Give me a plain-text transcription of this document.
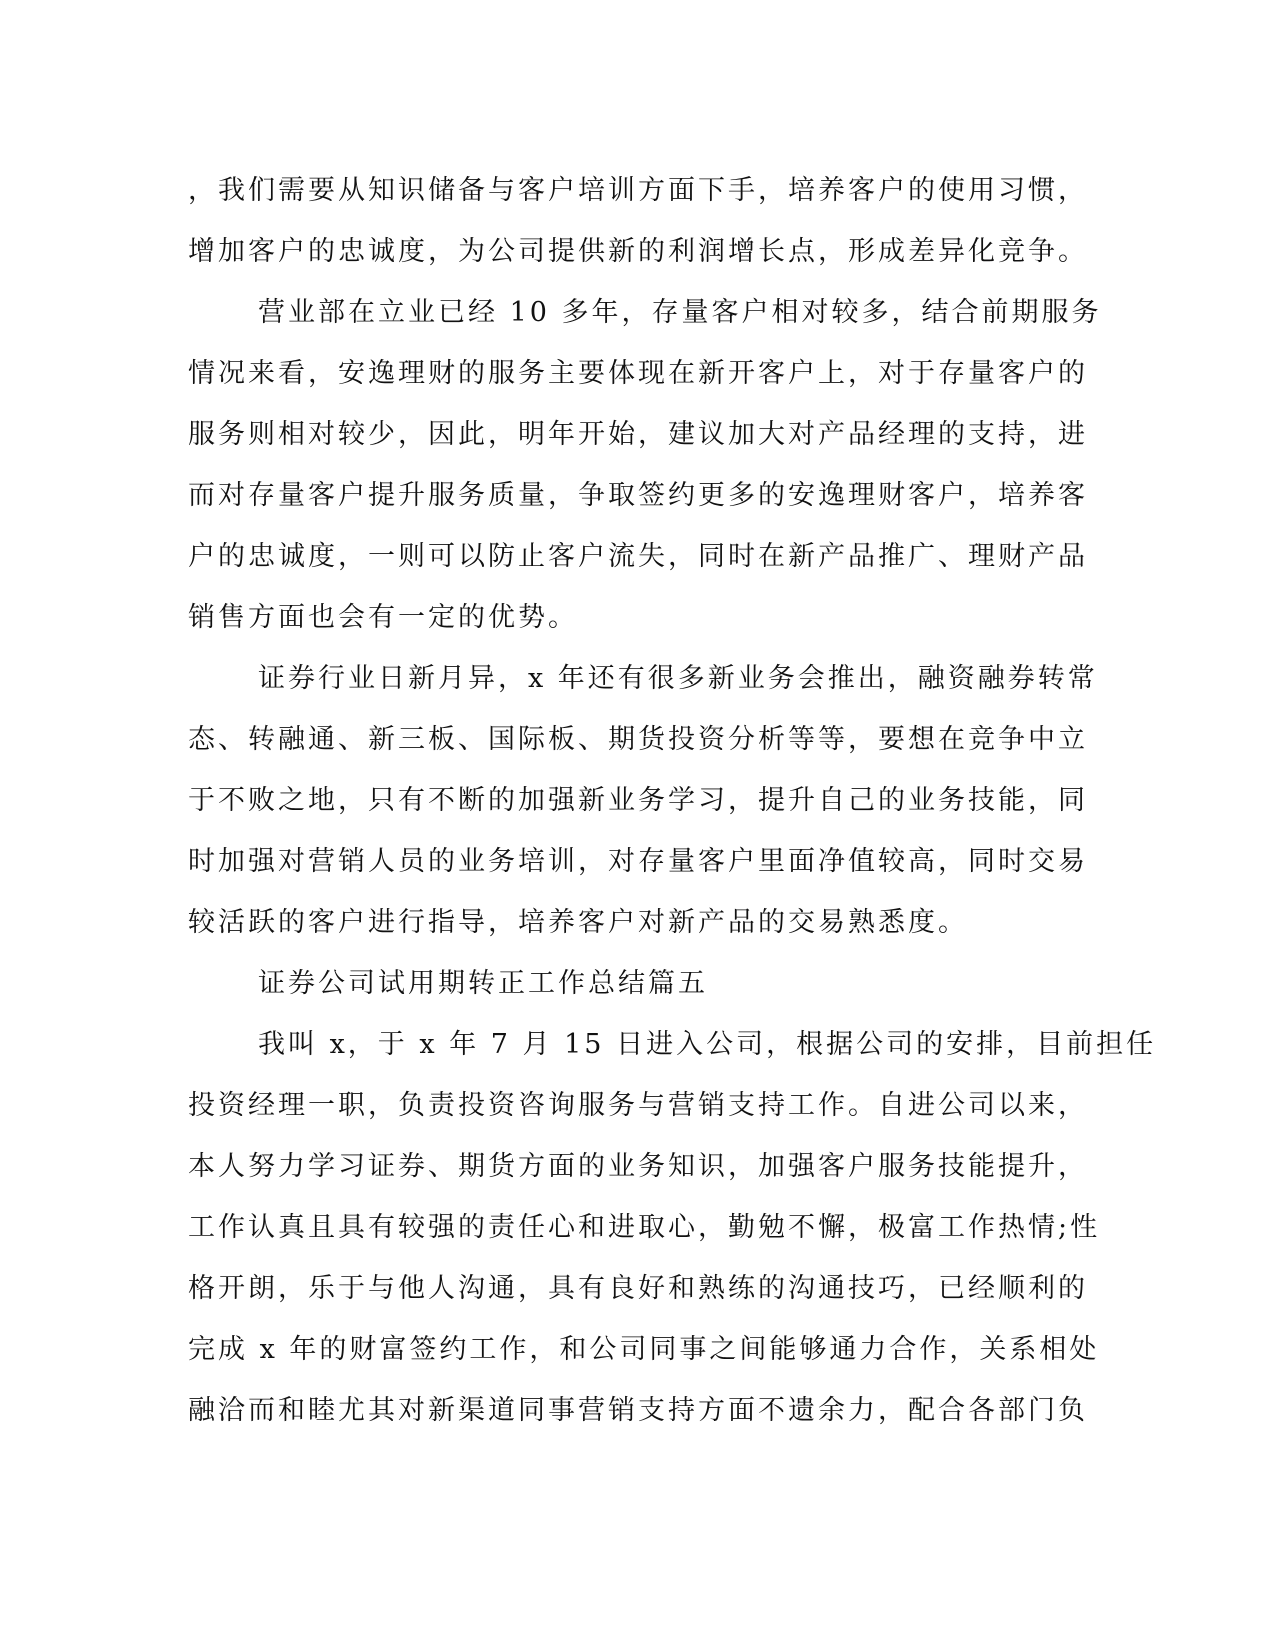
，我们需要从知识储备与客户培训方面下手，培养客户的使用习惯，
增加客户的忠诚度，为公司提供新的利润增长点，形成差异化竞争。
营业部在立业已经 10 多年，存量客户相对较多，结合前期服务
情况来看，安逸理财的服务主要体现在新开客户上，对于存量客户的
服务则相对较少，因此，明年开始，建议加大对产品经理的支持，进
而对存量客户提升服务质量，争取签约更多的安逸理财客户，培养客
户的忠诚度，一则可以防止客户流失，同时在新产品推广、理财产品
销售方面也会有一定的优势。
证券行业日新月异，x 年还有很多新业务会推出，融资融券转常
态、转融通、新三板、国际板、期货投资分析等等，要想在竞争中立
于不败之地，只有不断的加强新业务学习，提升自己的业务技能，同
时加强对营销人员的业务培训，对存量客户里面净值较高，同时交易
较活跃的客户进行指导，培养客户对新产品的交易熟悉度。
证券公司试用期转正工作总结篇五
我叫 x，于 x 年 7 月 15 日进入公司，根据公司的安排，目前担任
投资经理一职，负责投资咨询服务与营销支持工作。自进公司以来，
本人努力学习证券、期货方面的业务知识，加强客户服务技能提升，
工作认真且具有较强的责任心和进取心，勤勉不懈，极富工作热情;性
格开朗，乐于与他人沟通，具有良好和熟练的沟通技巧，已经顺利的
完成 x 年的财富签约工作，和公司同事之间能够通力合作，关系相处
融洽而和睦尤其对新渠道同事营销支持方面不遗余力，配合各部门负
